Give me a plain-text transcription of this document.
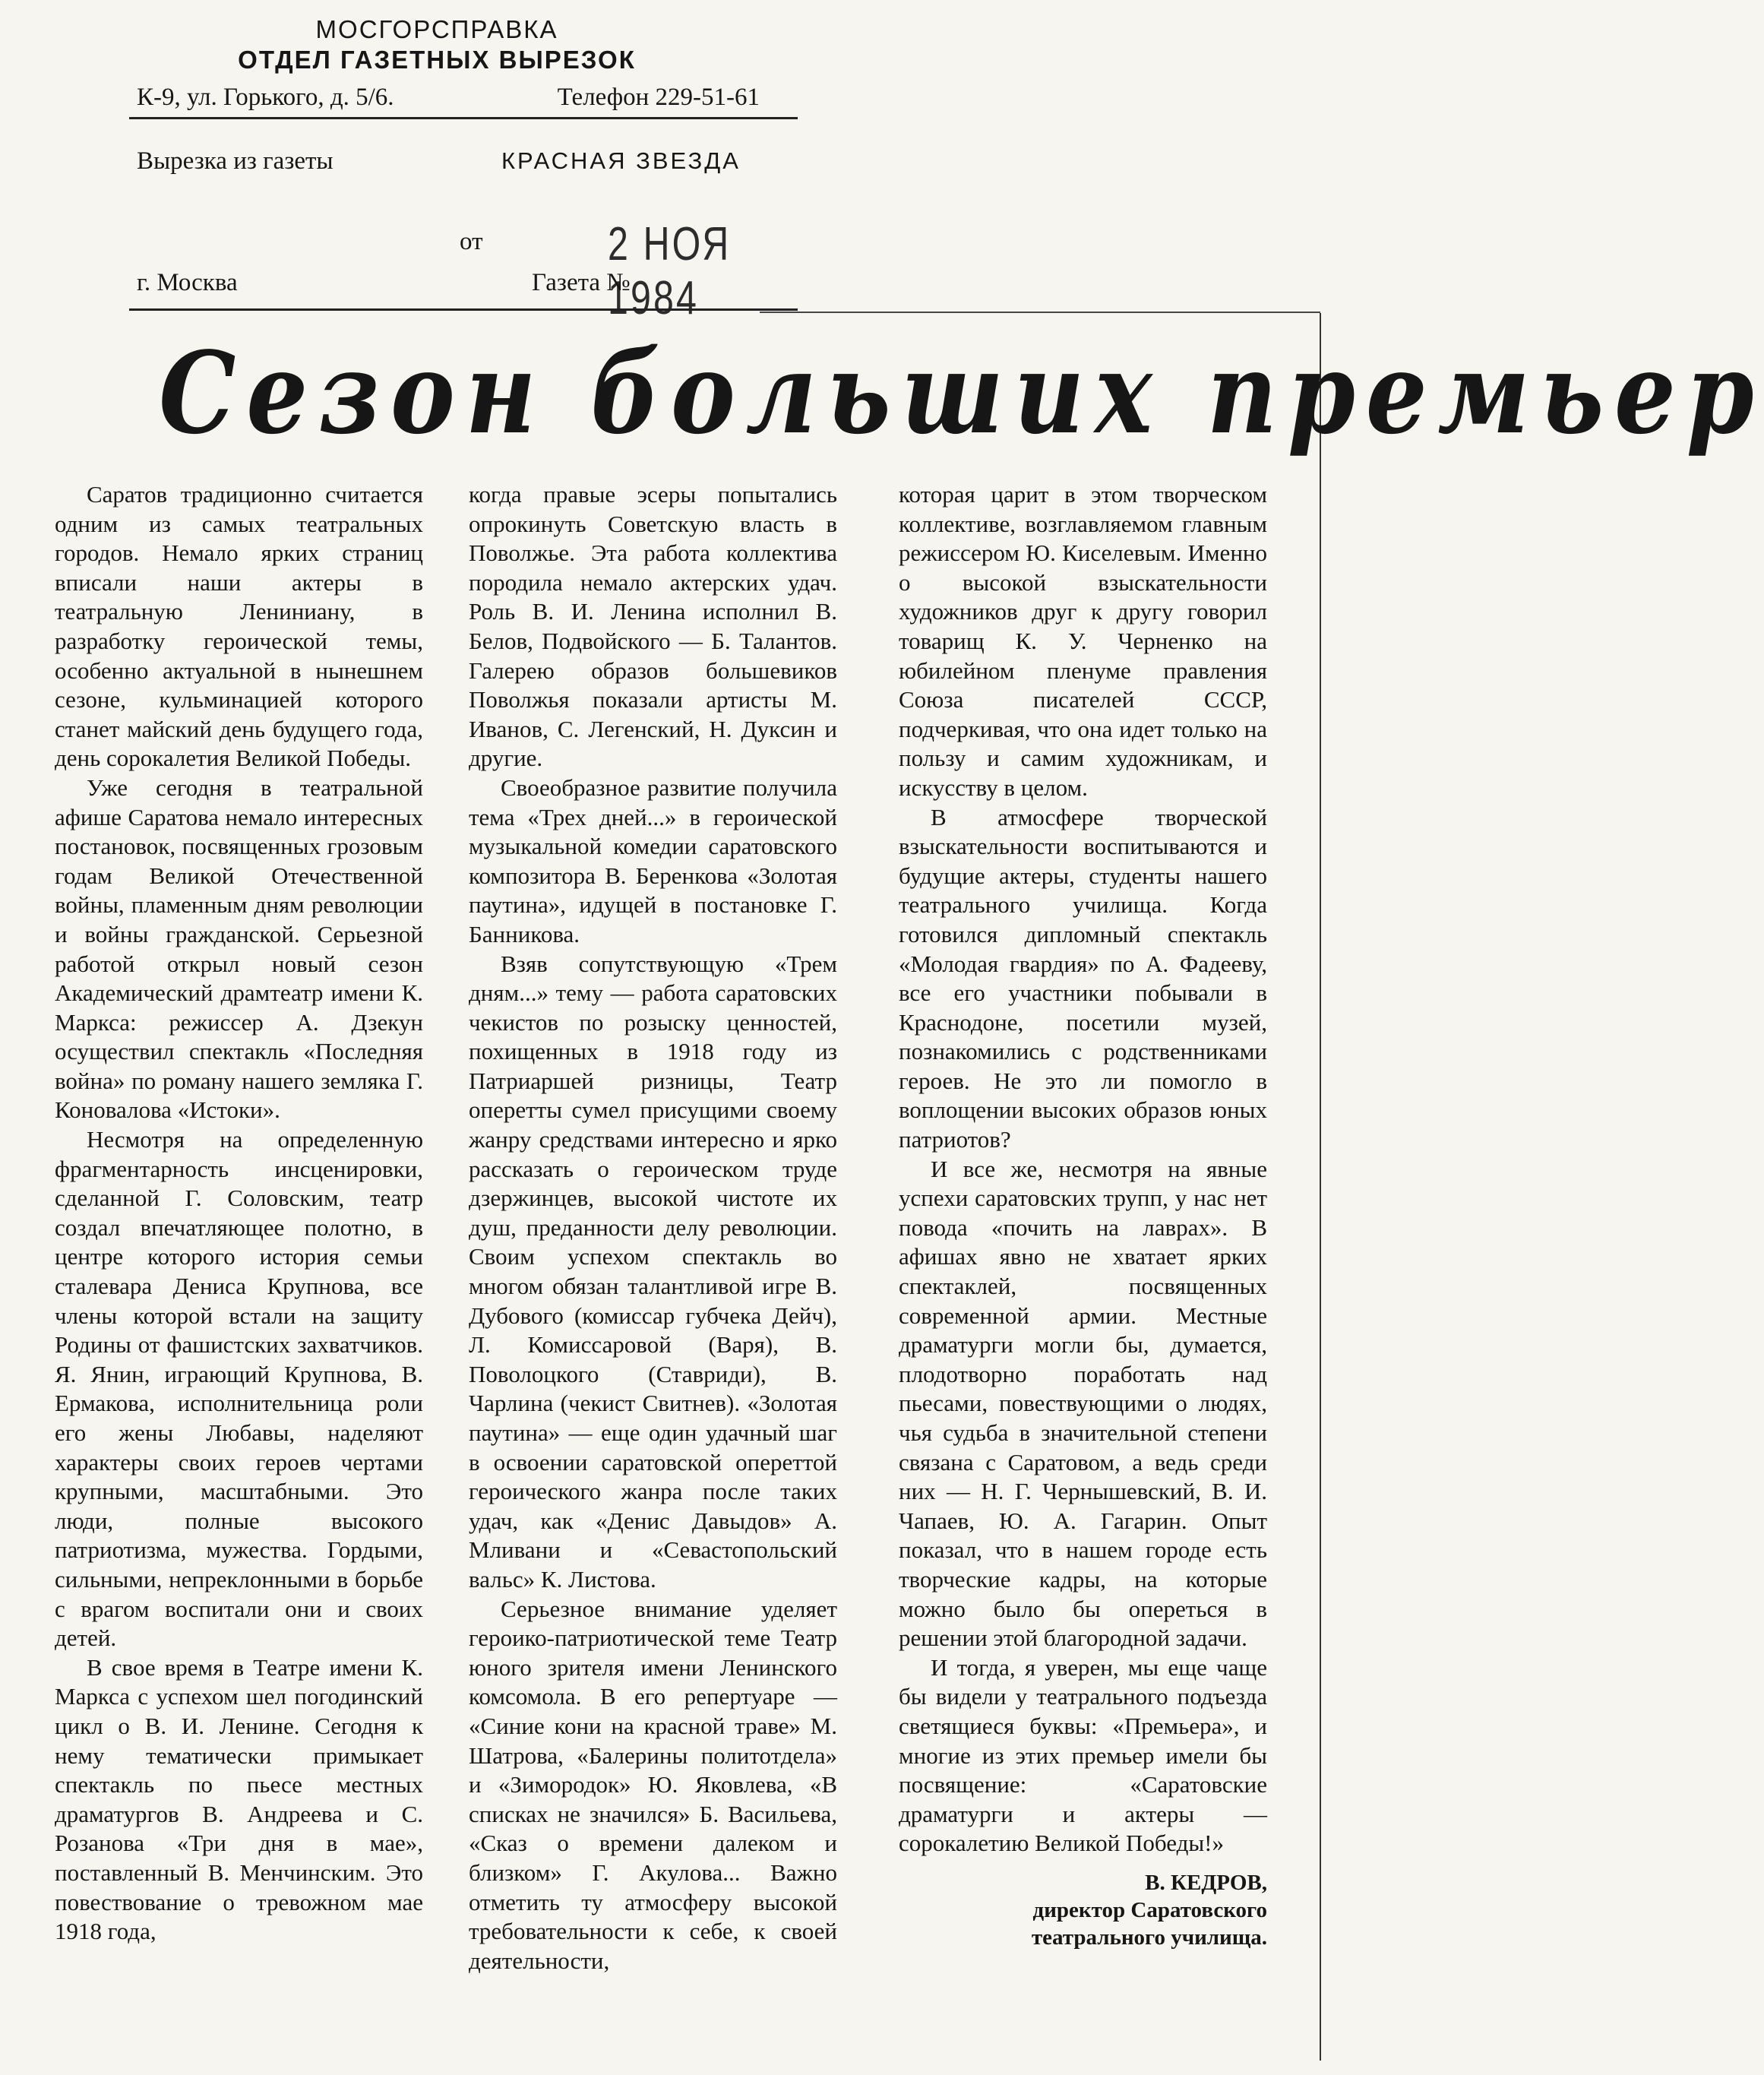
МОСГОРСПРАВКА
ОТДЕЛ ГАЗЕТНЫХ ВЫРЕЗОК
К-9, ул. Горького, д. 5/6.	Телефон 229-51-61
Вырезка из газеты	КРАСНАЯ ЗВЕЗДА
от	2 НОЯ 1984
г. Москва	Газета №
Сезон больших премьер

Саратов традиционно считается одним из самых театральных городов. Немало ярких страниц вписали наши актеры в театральную Лениниану, в разработку героической темы, особенно актуальной в нынешнем сезоне, кульминацией которого станет майский день будущего года, день сорокалетия Великой Победы.

Уже сегодня в театральной афише Саратова немало интересных постановок, посвященных грозовым годам Великой Отечественной войны, пламенным дням революции и войны гражданской. Серьезной работой открыл новый сезон Академический драмтеатр имени К. Маркса: режиссер А. Дзекун осуществил спектакль «Последняя война» по роману нашего земляка Г. Коновалова «Истоки».

Несмотря на определенную фрагментарность инсценировки, сделанной Г. Соловским, театр создал впечатляющее полотно, в центре которого история семьи сталевара Дениса Крупнова, все члены которой встали на защиту Родины от фашистских захватчиков. Я. Янин, играющий Крупнова, В. Ермакова, исполнительница роли его жены Любавы, наделяют характеры своих героев чертами крупными, масштабными. Это люди, полные высокого патриотизма, мужества. Гордыми, сильными, непреклонными в борьбе с врагом воспитали они и своих детей.

В свое время в Театре имени К. Маркса с успехом шел погодинский цикл о В. И. Ленине. Сегодня к нему тематически примыкает спектакль по пьесе местных драматургов В. Андреева и С. Розанова «Три дня в мае», поставленный В. Менчинским. Это повествование о тревожном мае 1918 года,

когда правые эсеры попытались опрокинуть Советскую власть в Поволжье. Эта работа коллектива породила немало актерских удач. Роль В. И. Ленина исполнил В. Белов, Подвойского — Б. Талантов. Галерею образов большевиков Поволжья показали артисты М. Иванов, С. Легенский, Н. Дуксин и другие.

Своеобразное развитие получила тема «Трех дней...» в героической музыкальной комедии саратовского композитора В. Беренкова «Золотая паутина», идущей в постановке Г. Банникова.

Взяв сопутствующую «Трем дням...» тему — работа саратовских чекистов по розыску ценностей, похищенных в 1918 году из Патриаршей ризницы, Театр оперетты сумел присущими своему жанру средствами интересно и ярко рассказать о героическом труде дзержинцев, высокой чистоте их душ, преданности делу революции. Своим успехом спектакль во многом обязан талантливой игре В. Дубового (комиссар губчека Дейч), Л. Комиссаровой (Варя), В. Поволоцкого (Ставриди), В. Чарлина (чекист Свитнев). «Золотая паутина» — еще один удачный шаг в освоении саратовской опереттой героического жанра после таких удач, как «Денис Давыдов» А. Мливани и «Севастопольский вальс» К. Листова.

Серьезное внимание уделяет героико-патриотической теме Театр юного зрителя имени Ленинского комсомола. В его репертуаре — «Синие кони на красной траве» М. Шатрова, «Балерины политотдела» и «Зимородок» Ю. Яковлева, «В списках не значился» Б. Васильева, «Сказ о времени далеком и близком» Г. Акулова... Важно отметить ту атмосферу высокой требовательности к себе, к своей деятельности,

которая царит в этом творческом коллективе, возглавляемом главным режиссером Ю. Киселевым. Именно о высокой взыскательности художников друг к другу говорил товарищ К. У. Черненко на юбилейном пленуме правления Союза писателей СССР, подчеркивая, что она идет только на пользу и самим художникам, и искусству в целом.

В атмосфере творческой взыскательности воспитываются и будущие актеры, студенты нашего театрального училища. Когда готовился дипломный спектакль «Молодая гвардия» по А. Фадееву, все его участники побывали в Краснодоне, посетили музей, познакомились с родственниками героев. Не это ли помогло в воплощении высоких образов юных патриотов?

И все же, несмотря на явные успехи саратовских трупп, у нас нет повода «почить на лаврах». В афишах явно не хватает ярких спектаклей, посвященных современной армии. Местные драматурги могли бы, думается, плодотворно поработать над пьесами, повествующими о людях, чья судьба в значительной степени связана с Саратовом, а ведь среди них — Н. Г. Чернышевский, В. И. Чапаев, Ю. А. Гагарин. Опыт показал, что в нашем городе есть творческие кадры, на которые можно было бы опереться в решении этой благородной задачи.

И тогда, я уверен, мы еще чаще бы видели у театрального подъезда светящиеся буквы: «Премьера», и многие из этих премьер имели бы посвящение: «Саратовские драматурги и актеры — сорокалетию Великой Победы!»

В. КЕДРОВ,
директор Саратовского театрального училища.
